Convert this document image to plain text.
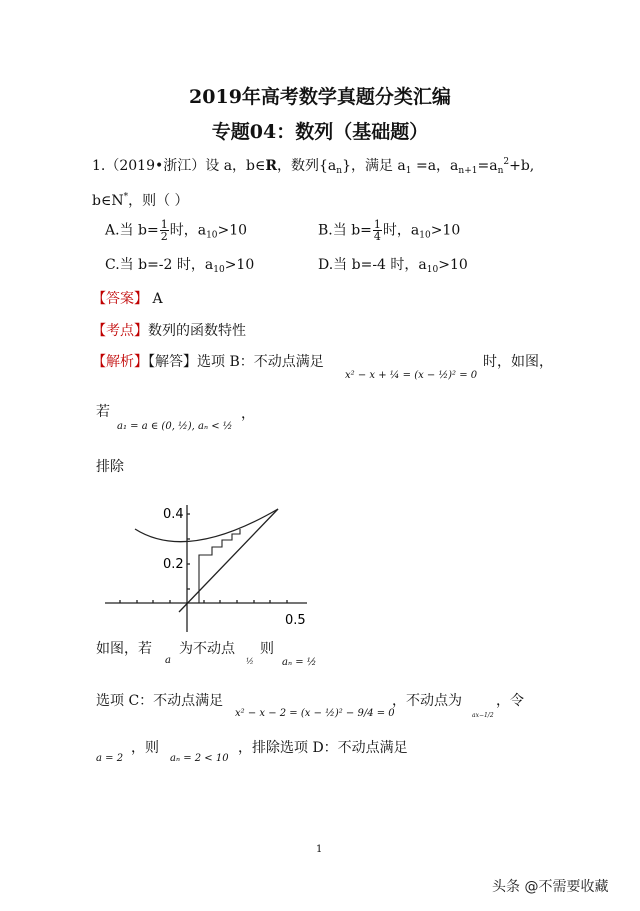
2019年高考数学真题分类汇编
专题04：数列（基础题）
1.（2019•浙江）设 a，b∈R，数列$\{a_n\}$，满足 $a_1 =a$，$a_{n+1}=a_n^2+b$,
b∈N*，则（ ）
A.当 $b= \frac{1}{2}$ 时，$a_{10}>10$	B.当 $b= \frac{1}{4}$ 时，$a_{10}>10$
C.当 b=-2 时，$a_{10}>10$	D.当 b=-4 时，$a_{10}>10$
【答案】 A
【考点】数列的函数特性
【解析】【解答】选项 B：不动点满足
x² − x + ¼ = (x − ½)² = 0
时，如图，
若
a₁ = a ∈ (0, ½), aₙ < ½
，
排除
0.4
0.2
0.5
如图，若
a
为不动点
½
则
aₙ = ½
选项 C：不动点满足
x² − x − 2 = (x − ½)² − 9/4 = 0
，不动点为
ax−1/2
，令
a = 2
，则
aₙ = 2 < 10
，排除选项 D：不动点满足
1
头条 @不需要收藏
